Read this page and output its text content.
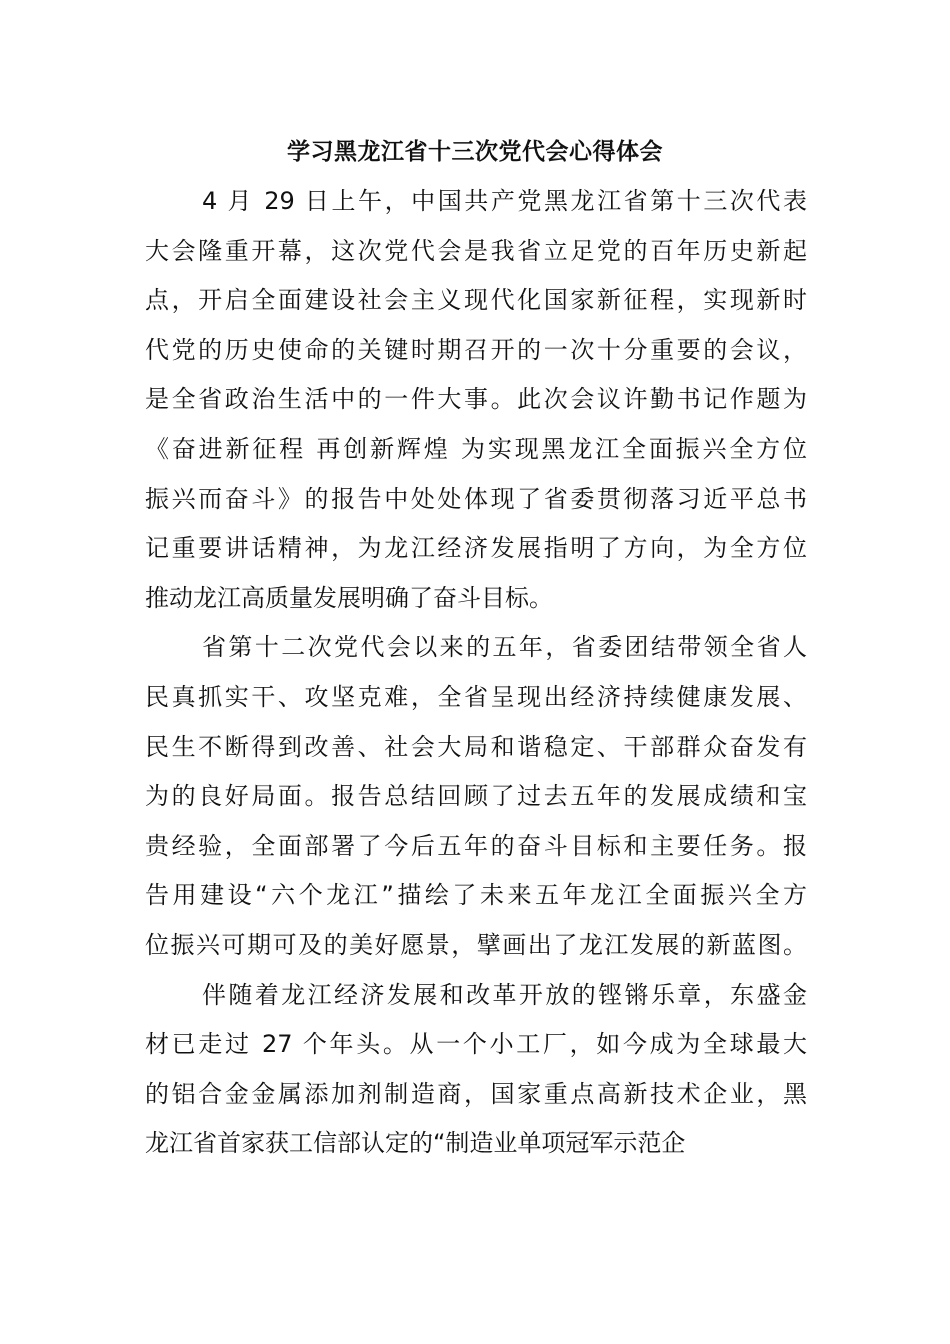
学习黑龙江省十三次党代会心得体会

4 月 29 日上午，中国共产党黑龙江省第十三次代表
大会隆重开幕，这次党代会是我省立足党的百年历史新起
点，开启全面建设社会主义现代化国家新征程，实现新时
代党的历史使命的关键时期召开的一次十分重要的会议，
是全省政治生活中的一件大事。此次会议许勤书记作题为
《奋进新征程 再创新辉煌 为实现黑龙江全面振兴全方位
振兴而奋斗》的报告中处处体现了省委贯彻落习近平总书
记重要讲话精神，为龙江经济发展指明了方向，为全方位
推动龙江高质量发展明确了奋斗目标。

省第十二次党代会以来的五年，省委团结带领全省人
民真抓实干、攻坚克难，全省呈现出经济持续健康发展、
民生不断得到改善、社会大局和谐稳定、干部群众奋发有
为的良好局面。报告总结回顾了过去五年的发展成绩和宝
贵经验，全面部署了今后五年的奋斗目标和主要任务。报
告用建设“六个龙江”描绘了未来五年龙江全面振兴全方
位振兴可期可及的美好愿景，擘画出了龙江发展的新蓝图。

伴随着龙江经济发展和改革开放的铿锵乐章，东盛金
材已走过 27 个年头。从一个小工厂，如今成为全球最大
的铝合金金属添加剂制造商，国家重点高新技术企业，黑
龙江省首家获工信部认定的“制造业单项冠军示范企
